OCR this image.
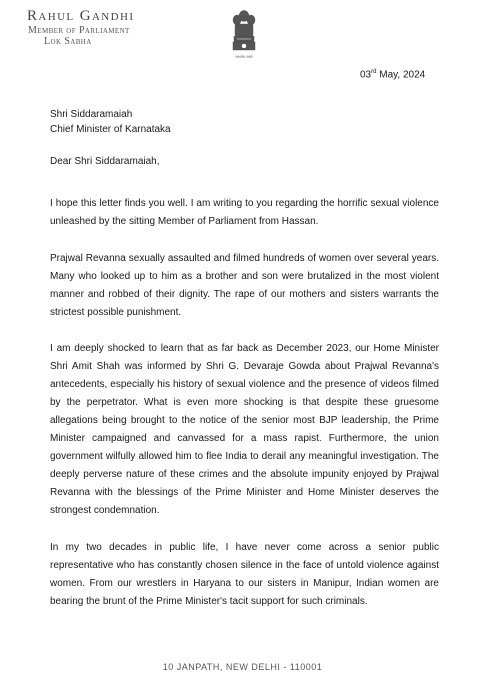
Rahul Gandhi
Member of Parliament
Lok Sabha
सत्यमेव जयते
03rd May, 2024
Shri Siddaramaiah
Chief Minister of Karnataka
Dear Shri Siddaramaiah,

I hope this letter finds you well. I am writing to you regarding the horrific sexual violence unleashed by the sitting Member of Parliament from Hassan.

Prajwal Revanna sexually assaulted and filmed hundreds of women over several years. Many who looked up to him as a brother and son were brutalized in the most violent manner and robbed of their dignity. The rape of our mothers and sisters warrants the strictest possible punishment.

I am deeply shocked to learn that as far back as December 2023, our Home Minister Shri Amit Shah was informed by Shri G. Devaraje Gowda about Prajwal Revanna's antecedents, especially his history of sexual violence and the presence of videos filmed by the perpetrator. What is even more shocking is that despite these gruesome allegations being brought to the notice of the senior most BJP leadership, the Prime Minister campaigned and canvassed for a mass rapist. Furthermore, the union government wilfully allowed him to flee India to derail any meaningful investigation. The deeply perverse nature of these crimes and the absolute impunity enjoyed by Prajwal Revanna with the blessings of the Prime Minister and Home Minister deserves the strongest condemnation.

In my two decades in public life, I have never come across a senior public representative who has constantly chosen silence in the face of untold violence against women. From our wrestlers in Haryana to our sisters in Manipur, Indian women are bearing the brunt of the Prime Minister's tacit support for such criminals.

10 JANPATH, NEW DELHI - 110001
